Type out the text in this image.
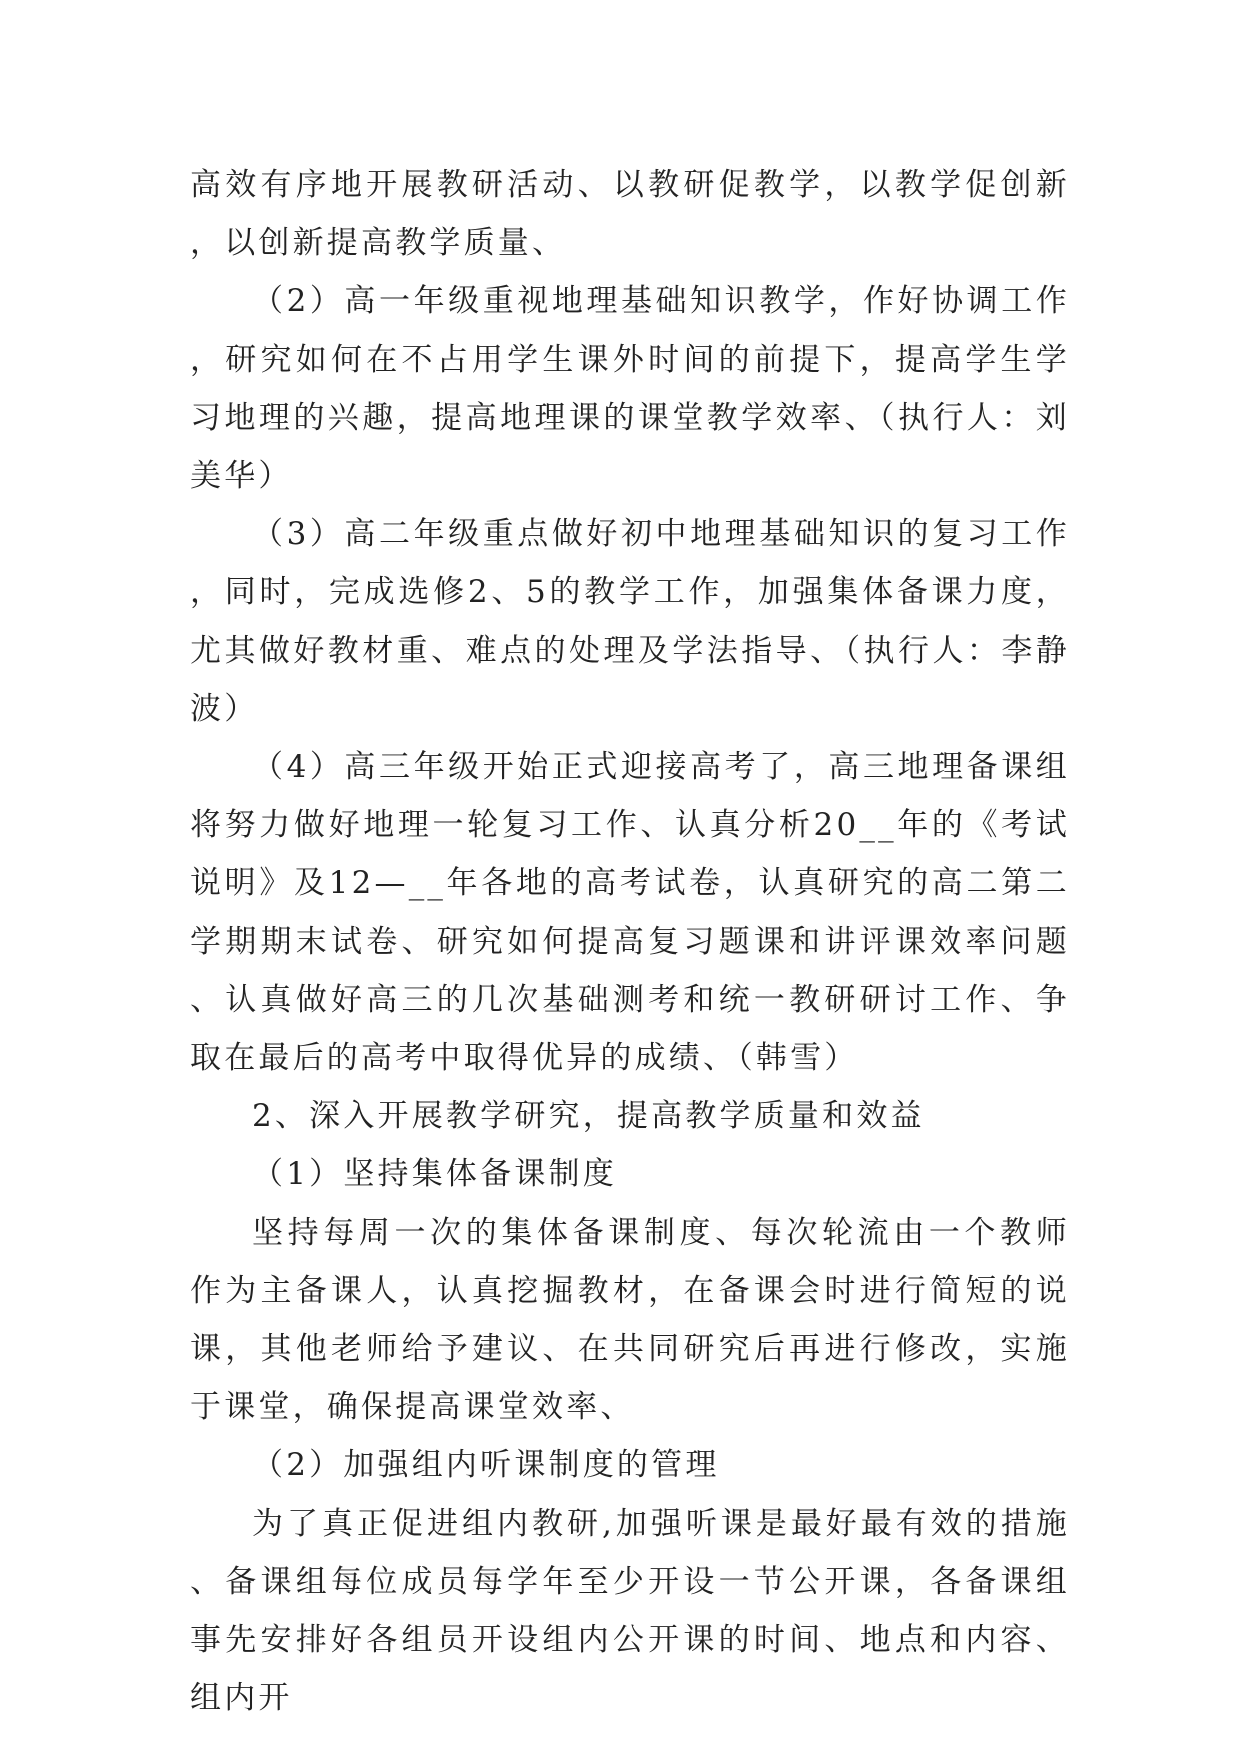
高效有序地开展教研活动、以教研促教学，以教学促创新，以创新提高教学质量、

（2）高一年级重视地理基础知识教学，作好协调工作，研究如何在不占用学生课外时间的前提下，提高学生学习地理的兴趣，提高地理课的课堂教学效率、（执行人：刘美华）

（3）高二年级重点做好初中地理基础知识的复习工作，同时，完成选修2、5的教学工作，加强集体备课力度，尤其做好教材重、难点的处理及学法指导、（执行人：李静波）

（4）高三年级开始正式迎接高考了，高三地理备课组将努力做好地理一轮复习工作、认真分析20__年的《考试说明》及12—__年各地的高考试卷，认真研究的高二第二学期期末试卷、研究如何提高复习题课和讲评课效率问题、认真做好高三的几次基础测考和统一教研研讨工作、争取在最后的高考中取得优异的成绩、（韩雪）

2、深入开展教学研究，提高教学质量和效益

（1）坚持集体备课制度

坚持每周一次的集体备课制度、每次轮流由一个教师作为主备课人，认真挖掘教材，在备课会时进行简短的说课，其他老师给予建议、在共同研究后再进行修改，实施于课堂，确保提高课堂效率、

（2）加强组内听课制度的管理

为了真正促进组内教研,加强听课是最好最有效的措施、备课组每位成员每学年至少开设一节公开课，各备课组事先安排好各组员开设组内公开课的时间、地点和内容、组内开
